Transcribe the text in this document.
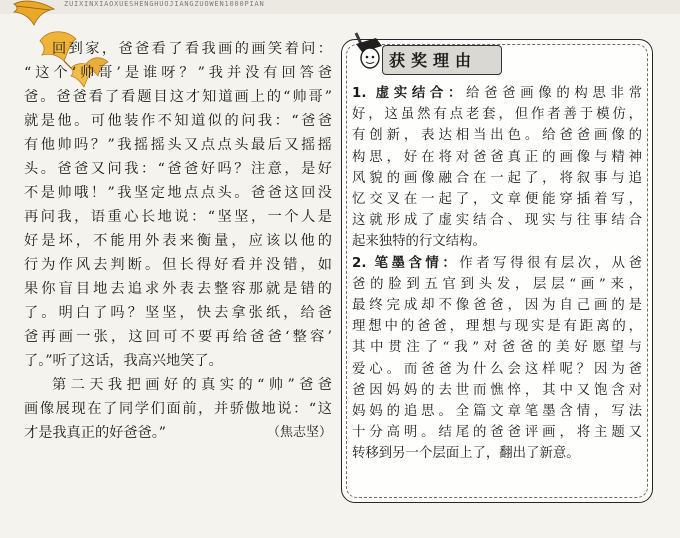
ZUIXINXIAOXUESHENGHUOJIANGZUOWEN1000PIAN

回到家，爸爸看了看我画的画笑着问：

“这个‘帅哥’是谁呀？”我并没有回答爸

爸。爸爸看了看题目这才知道画上的“帅哥”

就是他。可他装作不知道似的问我：“爸爸

有他帅吗？”我摇摇头又点点头最后又摇摇

头。爸爸又问我：“爸爸好吗？注意，是好

不是帅哦！”我坚定地点点头。爸爸这回没

再问我，语重心长地说：“坚坚，一个人是

好是坏，不能用外表来衡量，应该以他的

行为作风去判断。但长得好看并没错，如

果你盲目地去追求外表去整容那就是错的

了。明白了吗？坚坚，快去拿张纸，给爸

爸再画一张，这回可不要再给爸爸‘整容’

了。”听了这话，我高兴地笑了。

第二天我把画好的真实的“帅”爸爸

画像展现在了同学们面前，并骄傲地说：“这

才是我真正的好爸爸。”	（焦志坚）

获奖理由

1. 虚实结合：给爸爸画像的构思非常

好，这虽然有点老套，但作者善于模仿，

有创新，表达相当出色。给爸爸画像的

构思，好在将对爸爸真正的画像与精神

风貌的画像融合在一起了，将叙事与追

忆交叉在一起了，文章便能穿插着写，

这就形成了虚实结合、现实与往事结合

起来独特的行文结构。

2. 笔墨含情：作者写得很有层次，从爸

爸的脸到五官到头发，层层“画”来，

最终完成却不像爸爸，因为自己画的是

理想中的爸爸，理想与现实是有距离的，

其中贯注了“我”对爸爸的美好愿望与

爱心。而爸爸为什么会这样呢？因为爸

爸因妈妈的去世而憔悴，其中又饱含对

妈妈的追思。全篇文章笔墨含情，写法

十分高明。结尾的爸爸评画，将主题又

转移到另一个层面上了，翻出了新意。
